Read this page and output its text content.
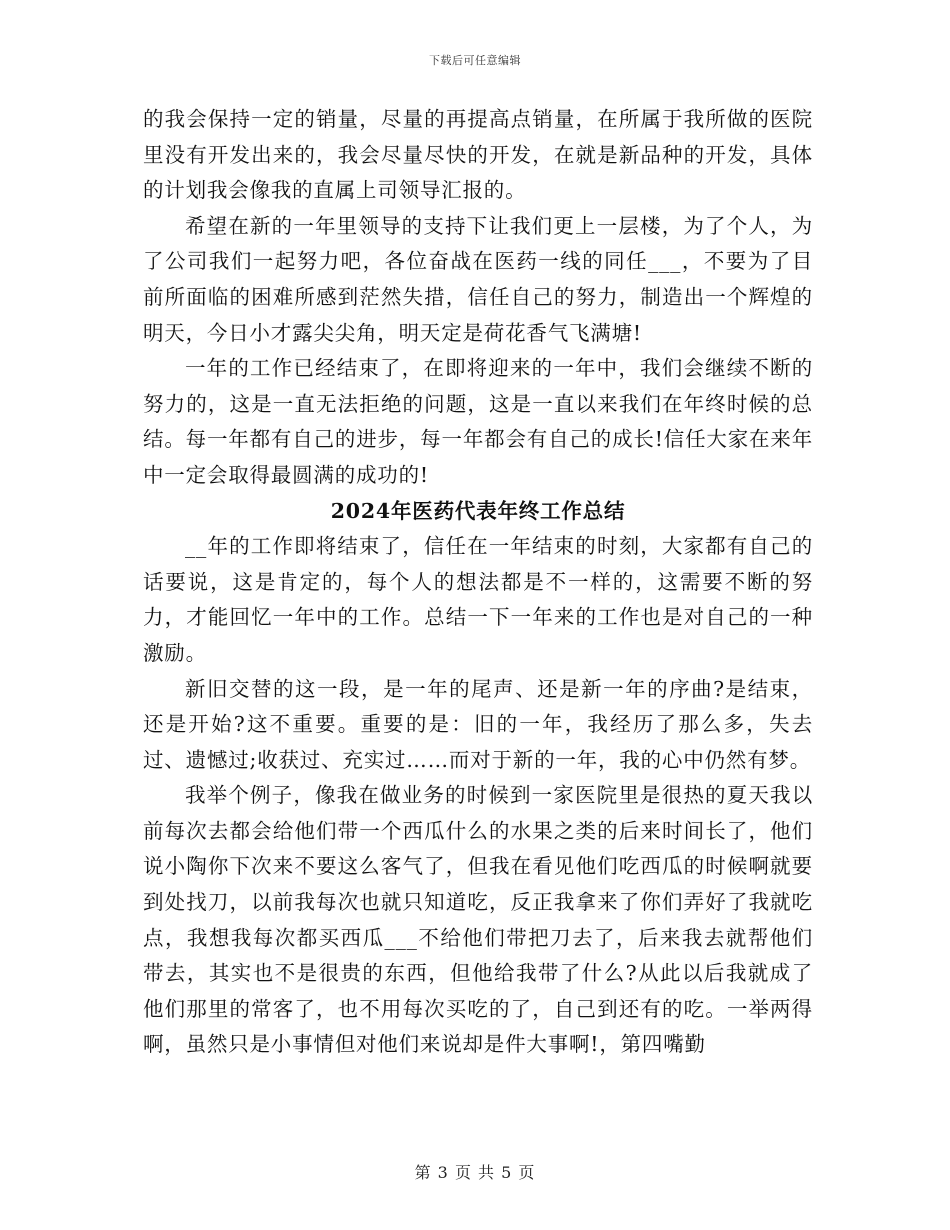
下载后可任意编辑

的我会保持一定的销量，尽量的再提高点销量，在所属于我所做的医院里没有开发出来的，我会尽量尽快的开发，在就是新品种的开发，具体的计划我会像我的直属上司领导汇报的。

希望在新的一年里领导的支持下让我们更上一层楼，为了个人，为了公司我们一起努力吧，各位奋战在医药一线的同任___，不要为了目前所面临的困难所感到茫然失措，信任自己的努力，制造出一个辉煌的明天，今日小才露尖尖角，明天定是荷花香气飞满塘!

一年的工作已经结束了，在即将迎来的一年中，我们会继续不断的努力的，这是一直无法拒绝的问题，这是一直以来我们在年终时候的总结。每一年都有自己的进步，每一年都会有自己的成长!信任大家在来年中一定会取得最圆满的成功的!

2024年医药代表年终工作总结

__年的工作即将结束了，信任在一年结束的时刻，大家都有自己的话要说，这是肯定的，每个人的想法都是不一样的，这需要不断的努力，才能回忆一年中的工作。总结一下一年来的工作也是对自己的一种激励。

新旧交替的这一段，是一年的尾声、还是新一年的序曲?是结束，还是开始?这不重要。重要的是：旧的一年，我经历了那么多，失去过、遗憾过;收获过、充实过……而对于新的一年，我的心中仍然有梦。

我举个例子，像我在做业务的时候到一家医院里是很热的夏天我以前每次去都会给他们带一个西瓜什么的水果之类的后来时间长了，他们说小陶你下次来不要这么客气了，但我在看见他们吃西瓜的时候啊就要到处找刀，以前我每次也就只知道吃，反正我拿来了你们弄好了我就吃点，我想我每次都买西瓜___不给他们带把刀去了，后来我去就帮他们带去，其实也不是很贵的东西，但他给我带了什么?从此以后我就成了他们那里的常客了，也不用每次买吃的了，自己到还有的吃。一举两得啊，虽然只是小事情但对他们来说却是件大事啊!，第四嘴勤

第 3 页 共 5 页
